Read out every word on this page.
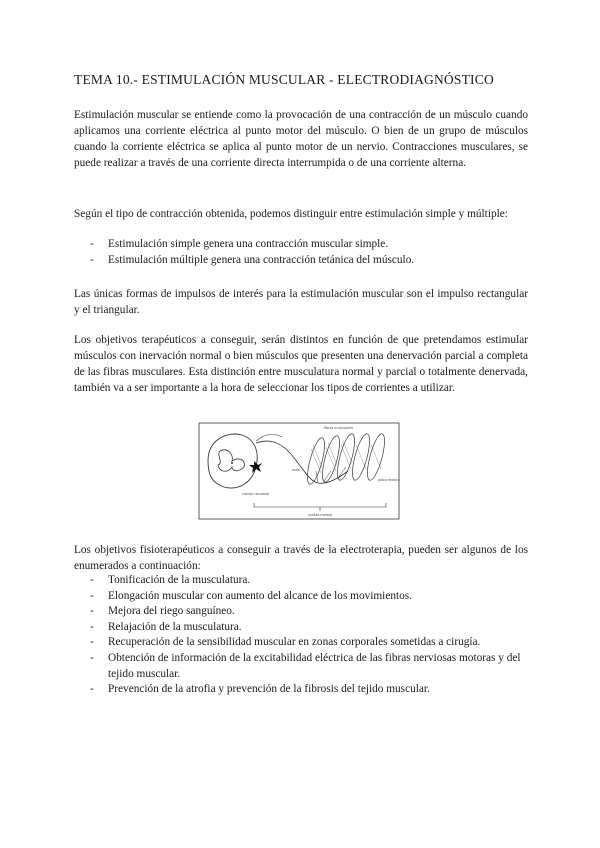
TEMA 10.- ESTIMULACIÓN MUSCULAR - ELECTRODIAGNÓSTICO

Estimulación muscular se entiende como la provocación de una contracción de un músculo cuando aplicamos una corriente eléctrica al punto motor del músculo. O bien de un grupo de músculos cuando la corriente eléctrica se aplica al punto motor de un nervio. Contracciones musculares, se puede realizar a través de una corriente directa interrumpida o de una corriente alterna.

Según el tipo de contracción obtenida, podemos distinguir entre estimulación simple y múltiple:

- Estimulación simple genera una contracción muscular simple.
- Estimulación múltiple genera una contracción tetánica del músculo.

Las únicas formas de impulsos de interés para la estimulación muscular son el impulso rectangular y el triangular.

Los objetivos terapéuticos a conseguir, serán distintos en función de que pretendamos estimular músculos con inervación normal o bien músculos que presenten una denervación parcial a completa de las fibras musculares. Esta distinción entre musculatura normal y parcial o totalmente denervada, también va a ser importante a la hora de seleccionar los tipos de corrientes a utilizar.

cuerpo neuronal
axón
fibras musculares
unidad motora
placa motora

Los objetivos fisioterapéuticos a conseguir a través de la electroterapia, pueden ser algunos de los enumerados a continuación:

- Tonificación de la musculatura.
- Elongación muscular con aumento del alcance de los movimientos.
- Mejora del riego sanguíneo.
- Relajación de la musculatura.
- Recuperación de la sensibilidad muscular en zonas corporales sometidas a cirugía.
- Obtención de información de la excitabilidad eléctrica de las fibras nerviosas motoras y del tejido muscular.
- Prevención de la atrofia y prevención de la fibrosis del tejido muscular.
